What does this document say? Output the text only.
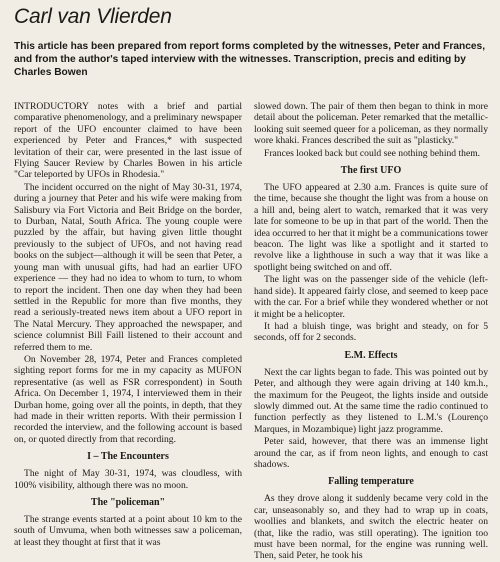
Carl van Vlierden

This article has been prepared from report forms completed by the witnesses, Peter and Frances, and from the author's taped interview with the witnesses. Transcription, precis and editing by Charles Bowen

INTRODUCTORY notes with a brief and partial comparative phenomenology, and a preliminary newspaper report of the UFO encounter claimed to have been experienced by Peter and Frances,* with suspected levitation of their car, were presented in the last issue of Flying Saucer Review by Charles Bowen in his article "Car teleported by UFOs in Rhodesia."

The incident occurred on the night of May 30-31, 1974, during a journey that Peter and his wife were making from Salisbury via Fort Victoria and Beit Bridge on the border, to Durban, Natal, South Africa. The young couple were puzzled by the affair, but having given little thought previously to the subject of UFOs, and not having read books on the subject—although it will be seen that Peter, a young man with unusual gifts, had had an earlier UFO experience — they had no idea to whom to turn, to whom to report the incident. Then one day when they had been settled in the Republic for more than five months, they read a seriously-treated news item about a UFO report in The Natal Mercury. They approached the newspaper, and science columnist Bill Faill listened to their account and referred them to me.

On November 28, 1974, Peter and Frances completed sighting report forms for me in my capacity as MUFON representative (as well as FSR correspondent) in South Africa. On December 1, 1974, I interviewed them in their Durban home, going over all the points, in depth, that they had made in their written reports. With their permission I recorded the interview, and the following account is based on, or quoted directly from that recording.

I – The Encounters

The night of May 30-31, 1974, was cloudless, with 100% visibility, although there was no moon.

The "policeman"

The strange events started at a point about 10 km to the south of Umvuma, when both witnesses saw a policeman, at least they thought at first that it was

slowed down. The pair of them then began to think in more detail about the policeman. Peter remarked that the metallic-looking suit seemed queer for a policeman, as they normally wore khaki. Frances described the suit as "plasticky."

Frances looked back but could see nothing behind them.

The first UFO

The UFO appeared at 2.30 a.m. Frances is quite sure of the time, because she thought the light was from a house on a hill and, being alert to watch, remarked that it was very late for someone to be up in that part of the world. Then the idea occurred to her that it might be a communications tower beacon. The light was like a spotlight and it started to revolve like a lighthouse in such a way that it was like a spotlight being switched on and off.

The light was on the passenger side of the vehicle (left-hand side). It appeared fairly close, and seemed to keep pace with the car. For a brief while they wondered whether or not it might be a helicopter.

It had a bluish tinge, was bright and steady, on for 5 seconds, off for 2 seconds.

E.M. Effects

Next the car lights began to fade. This was pointed out by Peter, and although they were again driving at 140 km.h., the maximum for the Peugeot, the lights inside and outside slowly dimmed out. At the same time the radio continued to function perfectly as they listened to L.M.'s (Lourenço Marques, in Mozambique) light jazz programme.

Peter said, however, that there was an immense light around the car, as if from neon lights, and enough to cast shadows.

Falling temperature

As they drove along it suddenly became very cold in the car, unseasonably so, and they had to wrap up in coats, woollies and blankets, and switch the electric heater on (that, like the radio, was still operating). The ignition too must have been normal, for the engine was running well. Then, said Peter, he took his
